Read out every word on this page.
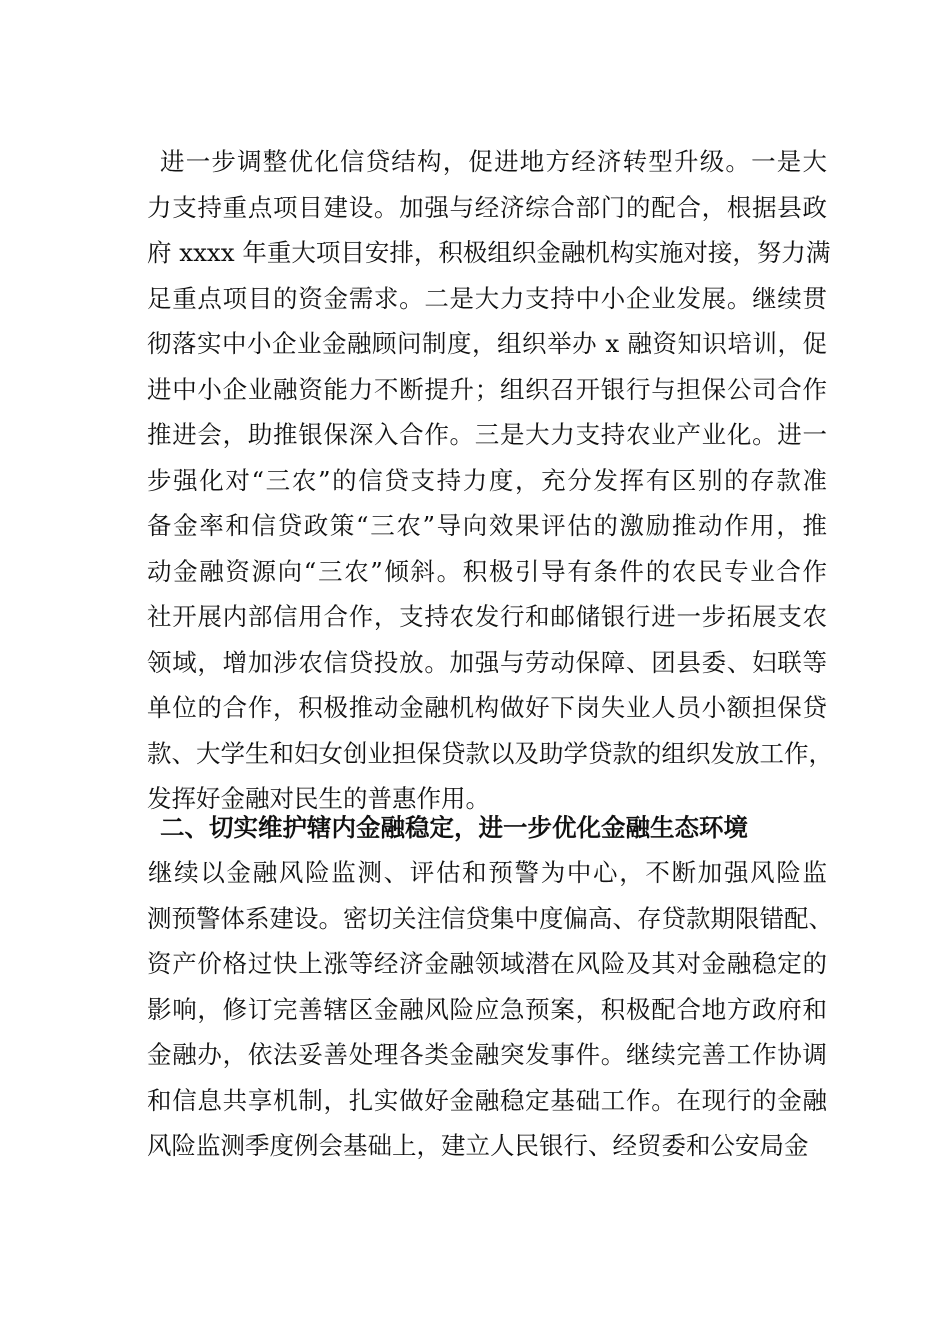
进一步调整优化信贷结构，促进地方经济转型升级。一是大
力支持重点项目建设。加强与经济综合部门的配合，根据县政
府 xxxx 年重大项目安排，积极组织金融机构实施对接，努力满
足重点项目的资金需求。二是大力支持中小企业发展。继续贯
彻落实中小企业金融顾问制度，组织举办 x 融资知识培训，促
进中小企业融资能力不断提升；组织召开银行与担保公司合作
推进会，助推银保深入合作。三是大力支持农业产业化。进一
步强化对“三农”的信贷支持力度，充分发挥有区别的存款准
备金率和信贷政策“三农”导向效果评估的激励推动作用，推
动金融资源向“三农”倾斜。积极引导有条件的农民专业合作
社开展内部信用合作，支持农发行和邮储银行进一步拓展支农
领域，增加涉农信贷投放。加强与劳动保障、团县委、妇联等
单位的合作，积极推动金融机构做好下岗失业人员小额担保贷
款、大学生和妇女创业担保贷款以及助学贷款的组织发放工作，
发挥好金融对民生的普惠作用。
二、切实维护辖内金融稳定，进一步优化金融生态环境
继续以金融风险监测、评估和预警为中心，不断加强风险监
测预警体系建设。密切关注信贷集中度偏高、存贷款期限错配、
资产价格过快上涨等经济金融领域潜在风险及其对金融稳定的
影响，修订完善辖区金融风险应急预案，积极配合地方政府和
金融办，依法妥善处理各类金融突发事件。继续完善工作协调
和信息共享机制，扎实做好金融稳定基础工作。在现行的金融
风险监测季度例会基础上，建立人民银行、经贸委和公安局金
